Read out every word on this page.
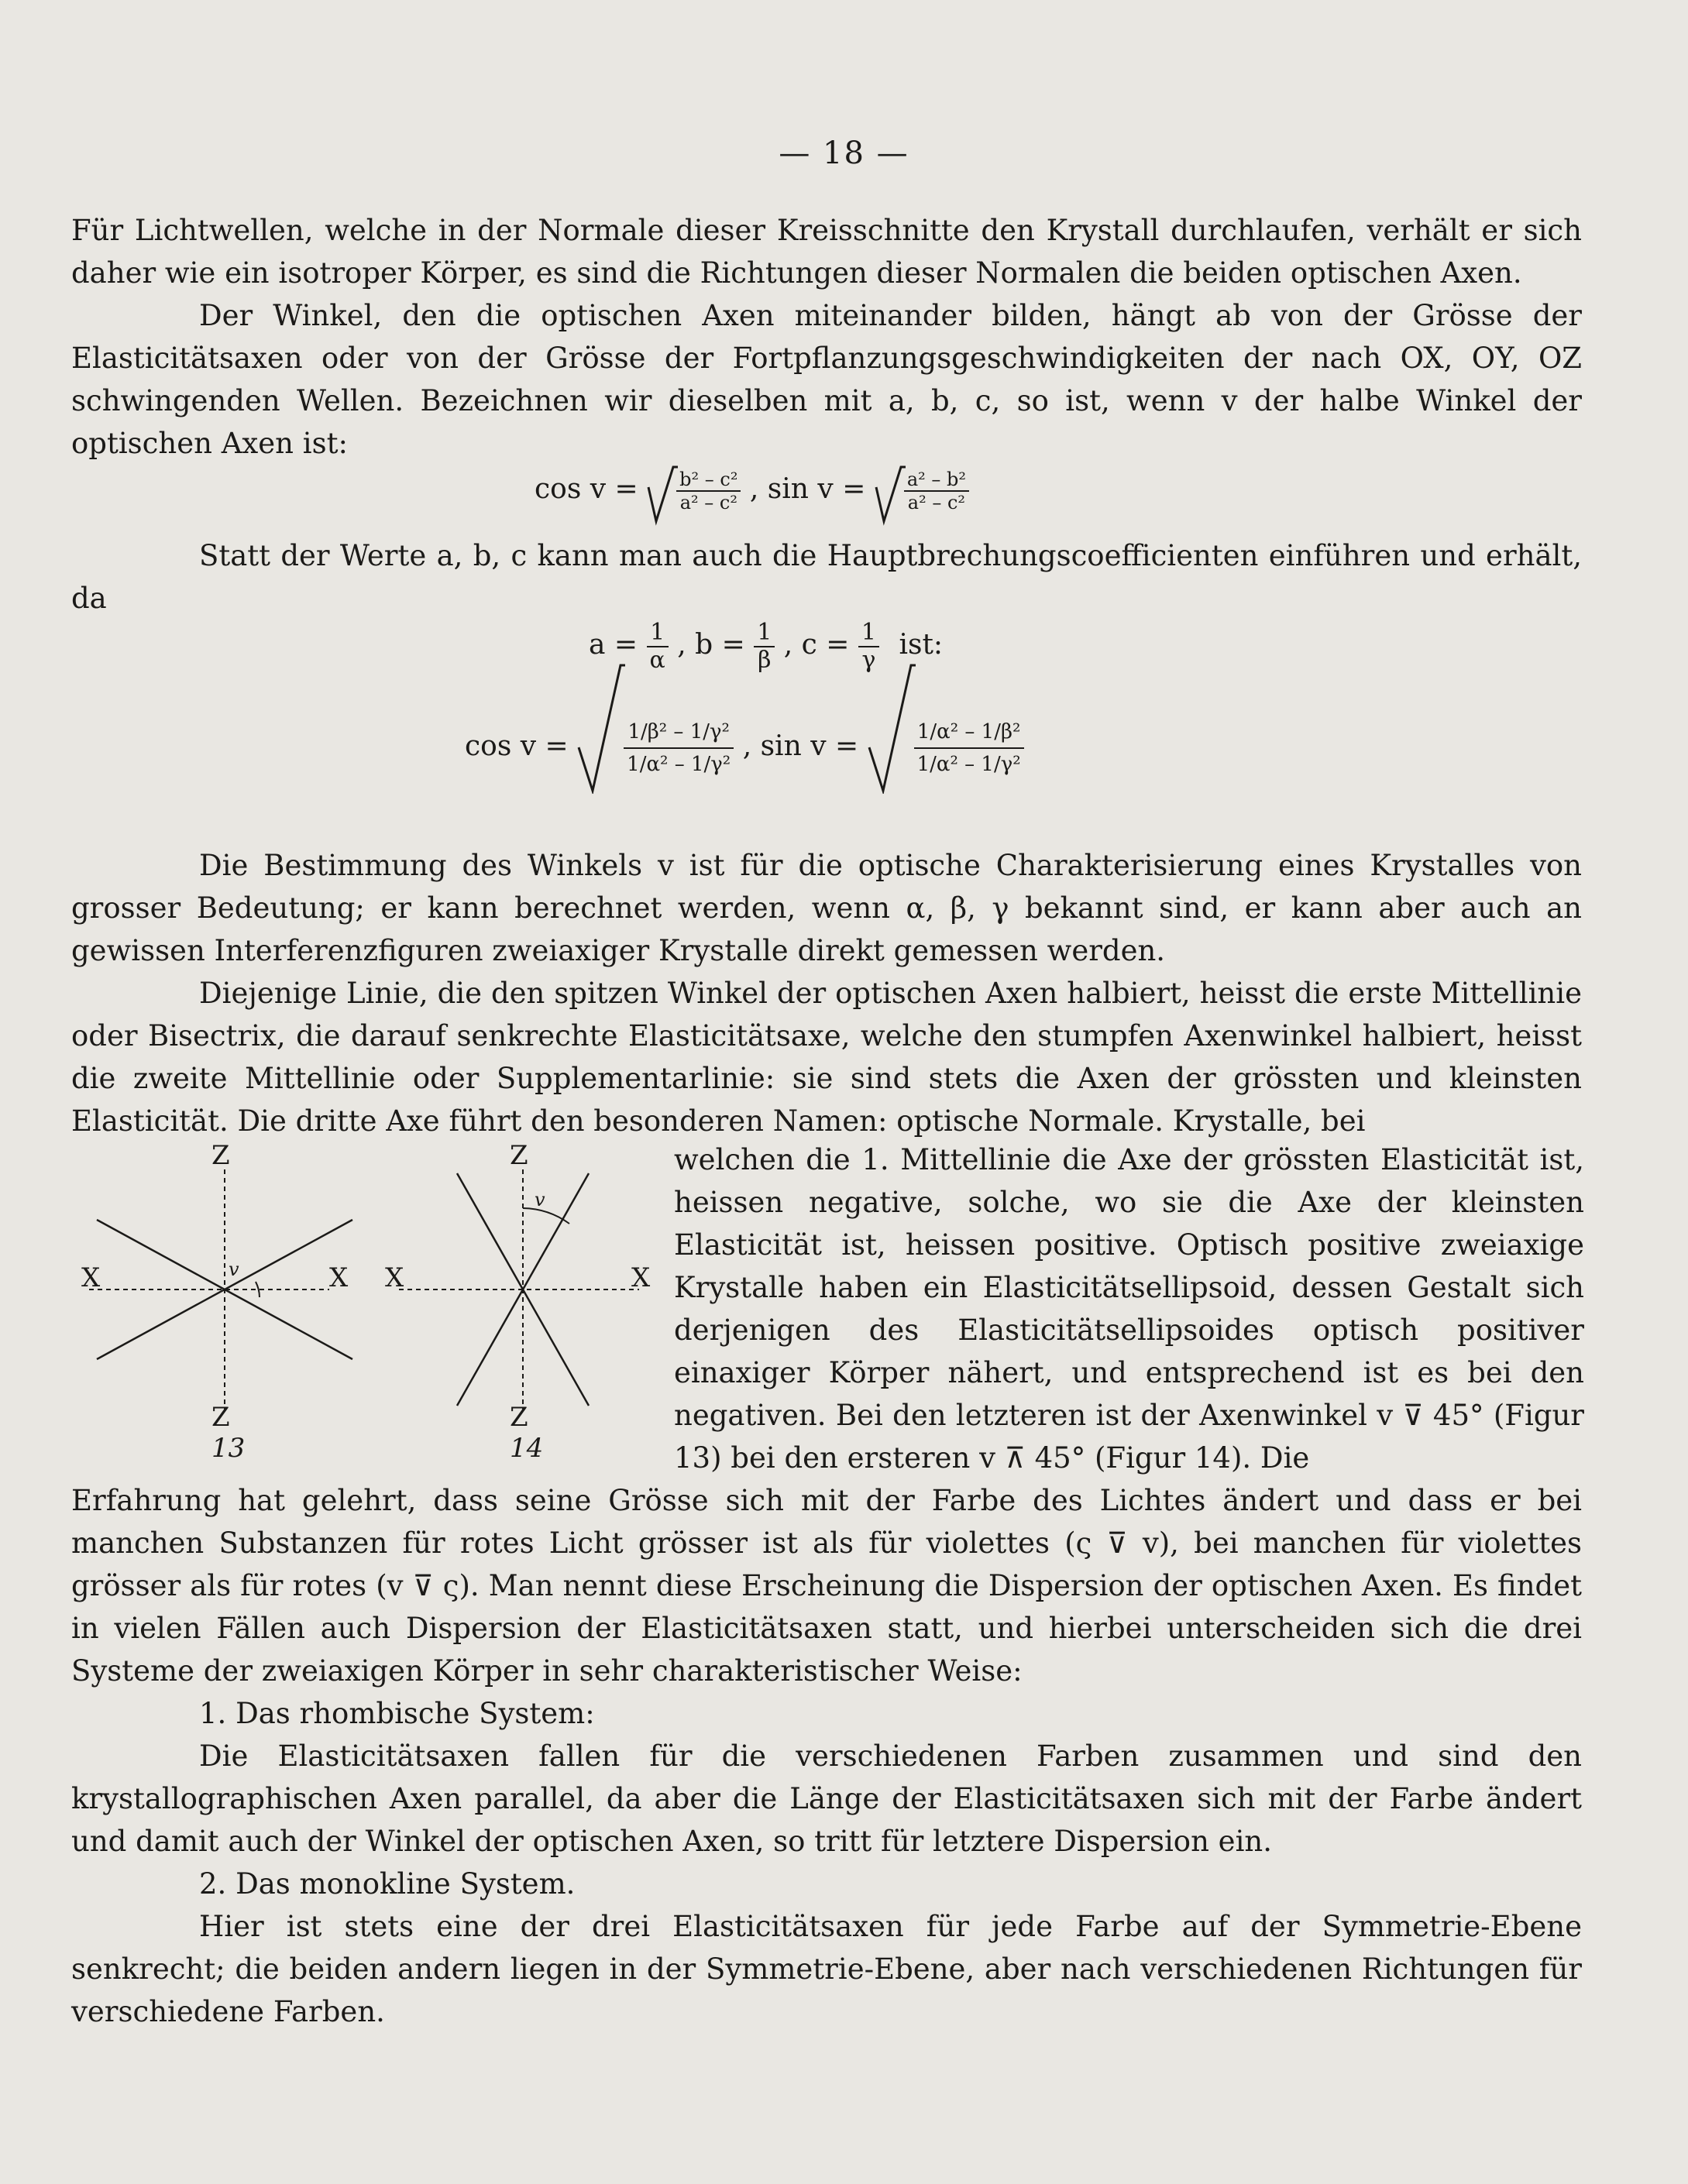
— 18 —
Für Lichtwellen, welche in der Normale dieser Kreisschnitte den Krystall durchlaufen, verhält er sich daher wie ein isotroper Körper, es sind die Richtungen dieser Normalen die beiden optischen Axen.
Der Winkel, den die optischen Axen miteinander bilden, hängt ab von der Grösse der Elasticitätsaxen oder von der Grösse der Fortpflanzungsgeschwindigkeiten der nach OX, OY, OZ schwingenden Wellen. Bezeichnen wir dieselben mit a, b, c, so ist, wenn v der halbe Winkel der optischen Axen ist:
$\cos v = \frac{\text{b² – c²}}{\text{a² – c²}}$ , $\sin v = \frac{\text{a² – b²}}{\text{a² – c²}}$
Statt der Werte a, b, c kann man auch die Hauptbrechungscoefficienten einführen und erhält, da
$a = \frac{1}{\alpha}$ , $b = \frac{1}{\beta}$ , $c = \frac{1}{\gamma}$ ist:
cos v =	$\frac{\text{1/β² – 1/γ²}}{\text{1/α² – 1/γ²}}$ , sin v =	$\frac{\text{1/α² – 1/β²}}{\text{1/α² – 1/γ²}}$
Die Bestimmung des Winkels v ist für die optische Charakterisierung eines Krystalles von grosser Bedeutung; er kann berechnet werden, wenn α, β, γ bekannt sind, er kann aber auch an gewissen Interferenzfiguren zweiaxiger Krystalle direkt gemessen werden.
Diejenige Linie, die den spitzen Winkel der optischen Axen halbiert, heisst die erste Mittellinie oder Bisectrix, die darauf senkrechte Elasticitätsaxe, welche den stumpfen Axenwinkel halbiert, heisst die zweite Mittellinie oder Supplementarlinie: sie sind stets die Axen der grössten und kleinsten Elasticität. Die dritte Axe führt den besonderen Namen: optische Normale. Krystalle, bei
Z
Z
X	X
v
13
Z
Z
X	X
v
14
welchen die 1. Mittellinie die Axe der grössten Elasticität ist, heissen negative, solche, wo sie die Axe der kleinsten Elasticität ist, heissen positive. Optisch positive zweiaxige Krystalle haben ein Elasticitätsellipsoid, dessen Gestalt sich derjenigen des Elasticitätsellipsoides optisch positiver einaxiger Körper nähert, und entsprechend ist es bei den negativen. Bei den letzteren ist der Axenwinkel v ⊽ 45° (Figur 13) bei den ersteren v ⊼ 45° (Figur 14). Die
Erfahrung hat gelehrt, dass seine Grösse sich mit der Farbe des Lichtes ändert und dass er bei manchen Substanzen für rotes Licht grösser ist als für violettes (ς ⊽ v), bei manchen für violettes grösser als für rotes (v ⊽ ς). Man nennt diese Erscheinung die Dispersion der optischen Axen. Es findet in vielen Fällen auch Dispersion der Elasticitätsaxen statt, und hierbei unterscheiden sich die drei Systeme der zweiaxigen Körper in sehr charakteristischer Weise:
1. Das rhombische System:
Die Elasticitätsaxen fallen für die verschiedenen Farben zusammen und sind den krystallographischen Axen parallel, da aber die Länge der Elasticitätsaxen sich mit der Farbe ändert und damit auch der Winkel der optischen Axen, so tritt für letztere Dispersion ein.
2. Das monokline System.
Hier ist stets eine der drei Elasticitätsaxen für jede Farbe auf der Symmetrie-Ebene senkrecht; die beiden andern liegen in der Symmetrie-Ebene, aber nach verschiedenen Richtungen für verschiedene Farben.
